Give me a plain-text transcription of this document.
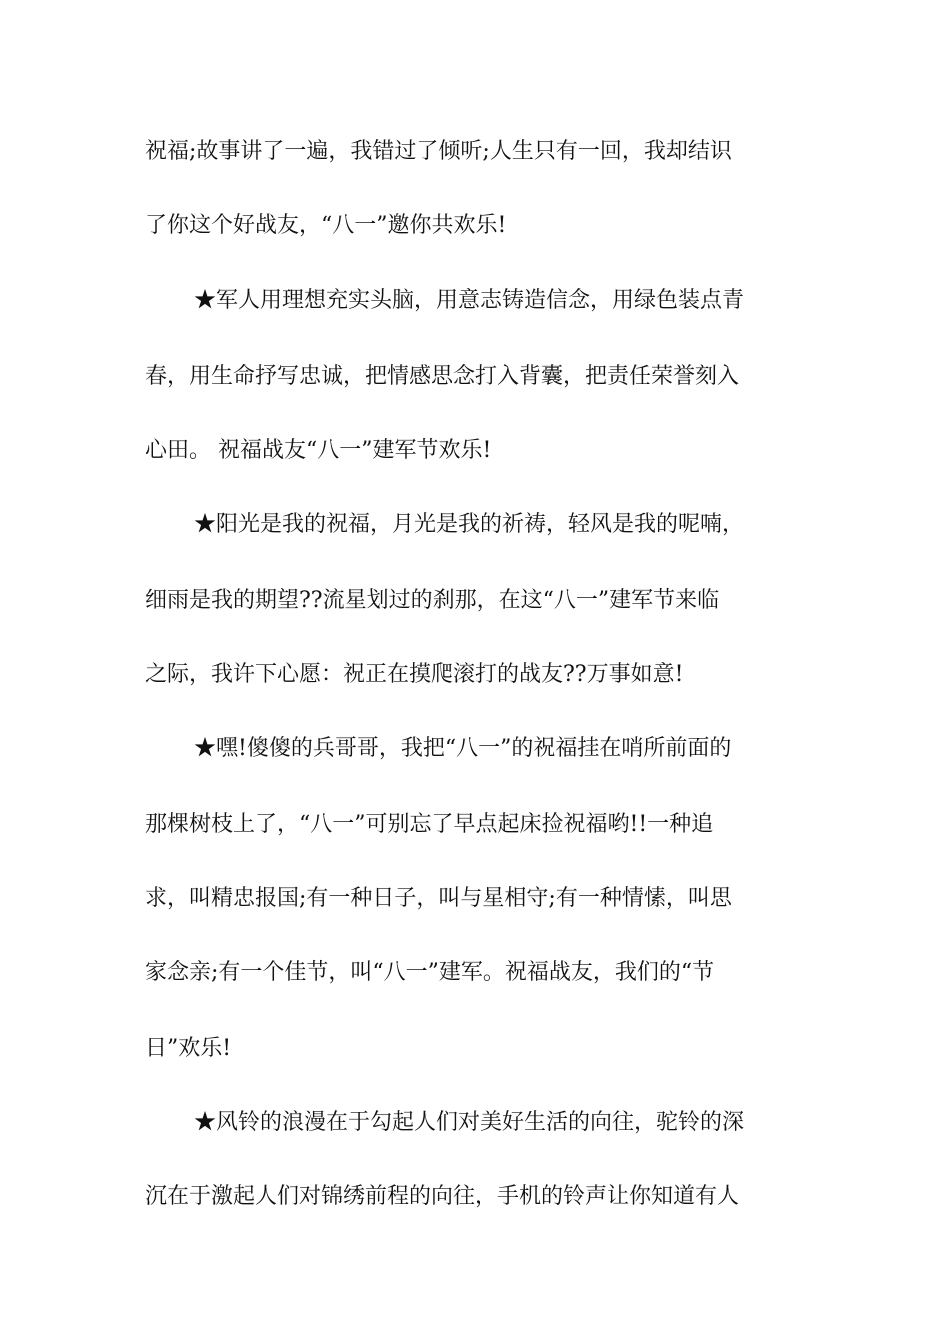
祝福;故事讲了一遍，我错过了倾听;人生只有一回，我却结识
了你这个好战友，“八一”邀你共欢乐!
★军人用理想充实头脑，用意志铸造信念，用绿色装点青
春，用生命抒写忠诚，把情感思念打入背囊，把责任荣誉刻入
心田。 祝福战友“八一”建军节欢乐!
★阳光是我的祝福，月光是我的祈祷，轻风是我的呢喃，
细雨是我的期望??流星划过的刹那，在这“八一”建军节来临
之际，我许下心愿：祝正在摸爬滚打的战友??万事如意!
★嘿!傻傻的兵哥哥，我把“八一”的祝福挂在哨所前面的
那棵树枝上了，“八一”可别忘了早点起床捡祝福哟!!一种追
求，叫精忠报国;有一种日子，叫与星相守;有一种情愫，叫思
家念亲;有一个佳节，叫“八一”建军。祝福战友，我们的“节
日”欢乐!
★风铃的浪漫在于勾起人们对美好生活的向往，驼铃的深
沉在于激起人们对锦绣前程的向往，手机的铃声让你知道有人
